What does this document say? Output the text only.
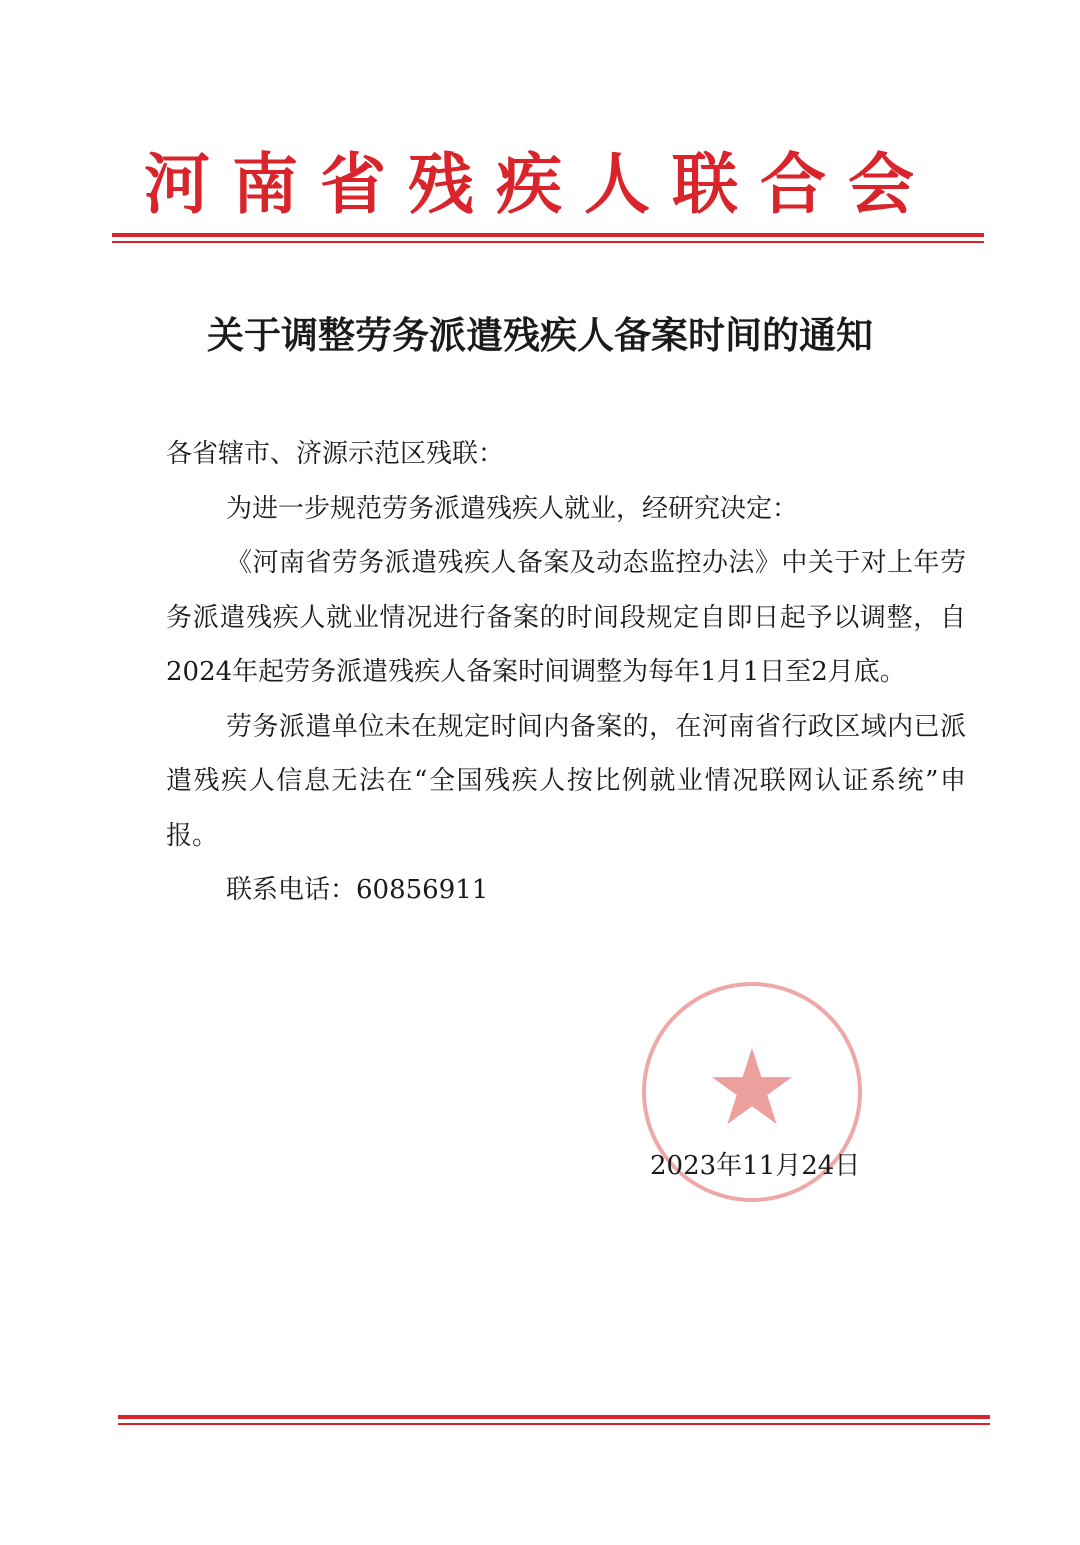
河南省残疾人联合会
关于调整劳务派遣残疾人备案时间的通知

各省辖市、济源示范区残联：

为进一步规范劳务派遣残疾人就业，经研究决定：

《河南省劳务派遣残疾人备案及动态监控办法》中关于对上年劳务派遣残疾人就业情况进行备案的时间段规定自即日起予以调整，自2024年起劳务派遣残疾人备案时间调整为每年1月1日至2月底。

劳务派遣单位未在规定时间内备案的，在河南省行政区域内已派遣残疾人信息无法在“全国残疾人按比例就业情况联网认证系统”申报。

联系电话：60856911

2023年11月24日
